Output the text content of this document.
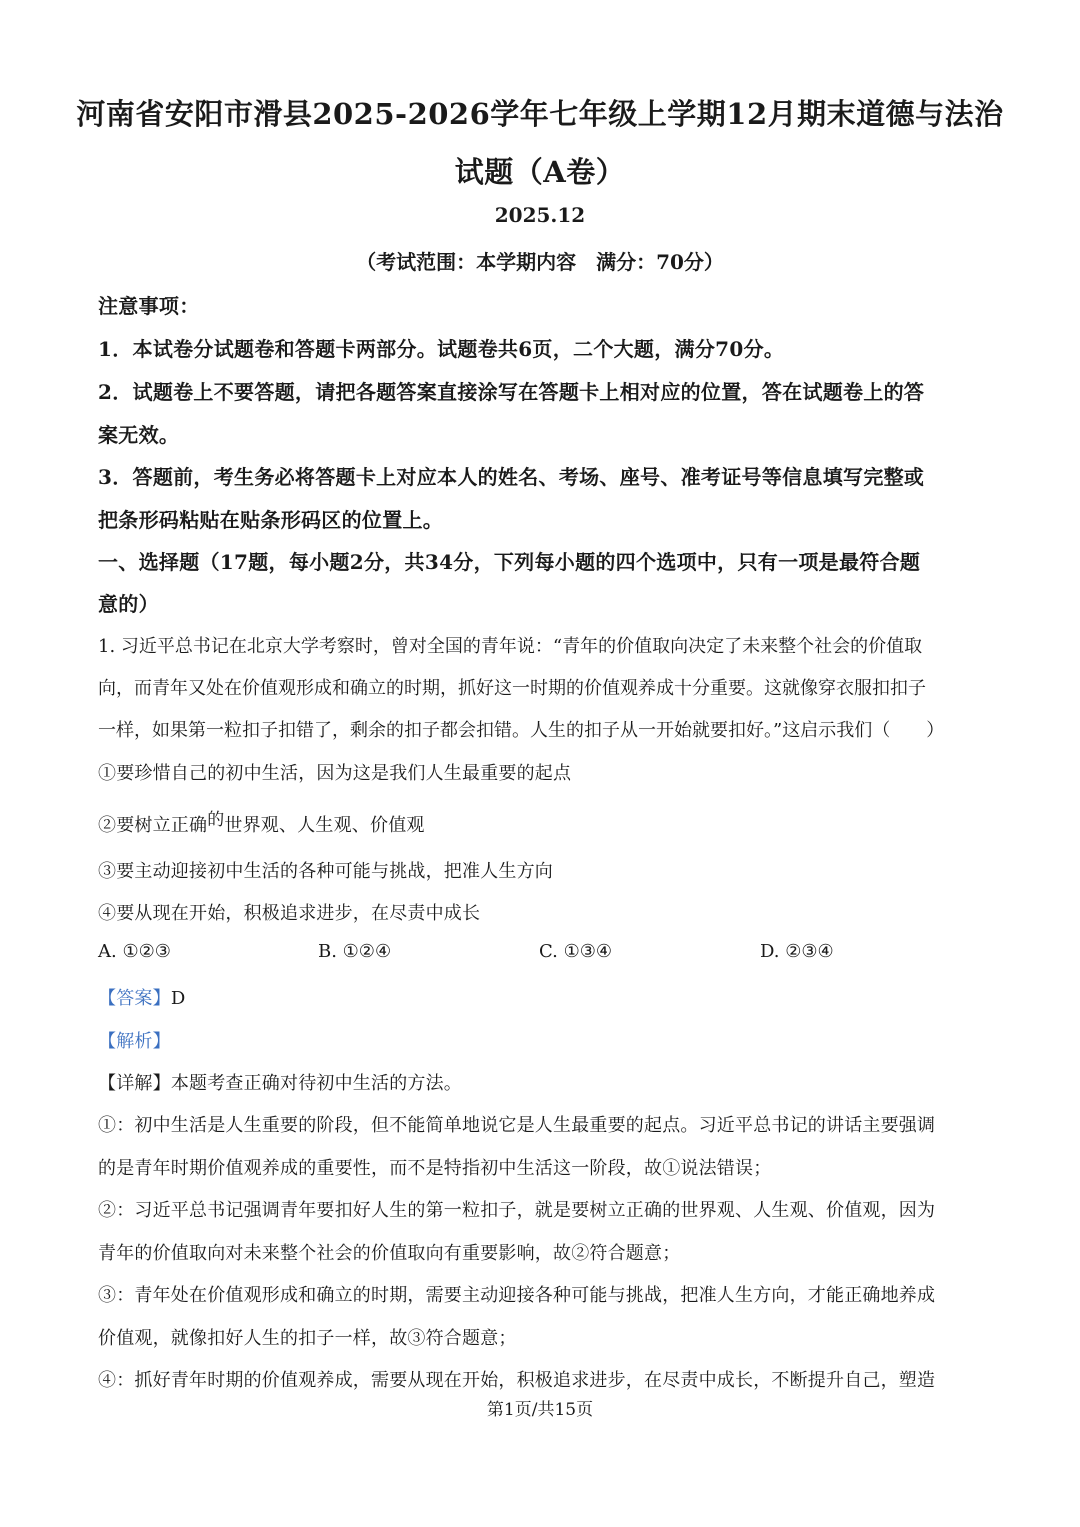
河南省安阳市滑县2025-2026学年七年级上学期12月期末道德与法治
试题（A卷）
2025.12
（考试范围：本学期内容　满分：70分）
注意事项：
1．本试卷分试题卷和答题卡两部分。试题卷共6页，二个大题，满分70分。
2．试题卷上不要答题，请把各题答案直接涂写在答题卡上相对应的位置，答在试题卷上的答
案无效。
3．答题前，考生务必将答题卡上对应本人的姓名、考场、座号、准考证号等信息填写完整或
把条形码粘贴在贴条形码区的位置上。
一、选择题（17题，每小题2分，共34分，下列每小题的四个选项中，只有一项是最符合题
意的）
1. 习近平总书记在北京大学考察时，曾对全国的青年说：“青年的价值取向决定了未来整个社会的价值取
向，而青年又处在价值观形成和确立的时期，抓好这一时期的价值观养成十分重要。这就像穿衣服扣扣子
一样，如果第一粒扣子扣错了，剩余的扣子都会扣错。人生的扣子从一开始就要扣好。”这启示我们（　　）
①要珍惜自己的初中生活，因为这是我们人生最重要的起点
②要树立正确的世界观、人生观、价值观
③要主动迎接初中生活的各种可能与挑战，把准人生方向
④要从现在开始，积极追求进步，在尽责中成长
A. ①②③	B. ①②④	C. ①③④	D. ②③④
【答案】D
【解析】
【详解】本题考查正确对待初中生活的方法。
①：初中生活是人生重要的阶段，但不能简单地说它是人生最重要的起点。习近平总书记的讲话主要强调
的是青年时期价值观养成的重要性，而不是特指初中生活这一阶段，故①说法错误；
②：习近平总书记强调青年要扣好人生的第一粒扣子，就是要树立正确的世界观、人生观、价值观，因为
青年的价值取向对未来整个社会的价值取向有重要影响，故②符合题意；
③：青年处在价值观形成和确立的时期，需要主动迎接各种可能与挑战，把准人生方向，才能正确地养成
价值观，就像扣好人生的扣子一样，故③符合题意；
④：抓好青年时期的价值观养成，需要从现在开始，积极追求进步，在尽责中成长，不断提升自己，塑造
第1页/共15页
